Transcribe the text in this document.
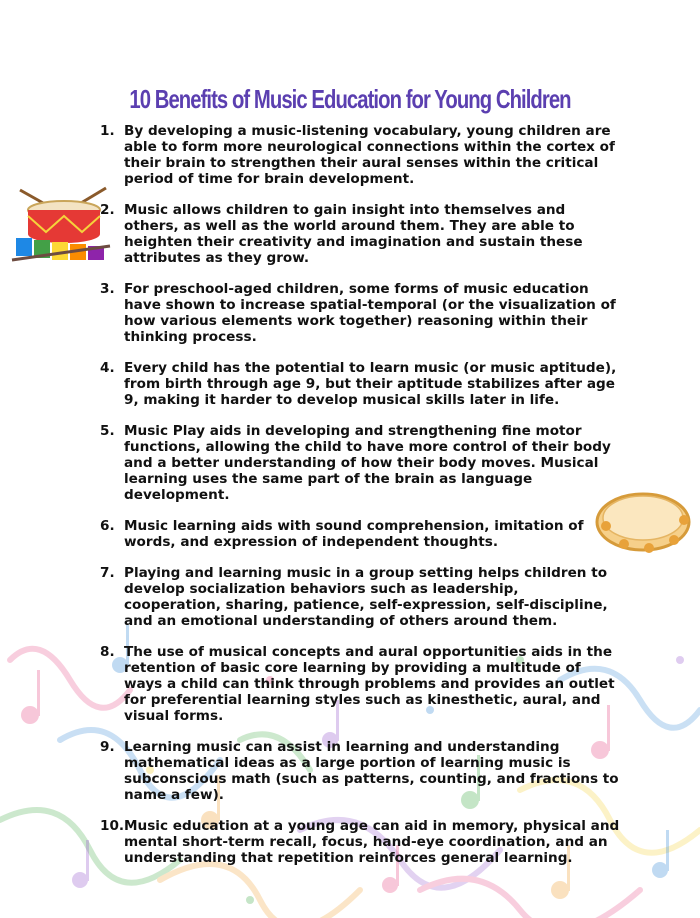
10 Benefits of Music Education for Young Children
1. By developing a music-listening vocabulary, young children are able to form more neurological connections within the cortex of their brain to strengthen their aural senses within the critical period of time for brain development.
2. Music allows children to gain insight into themselves and others, as well as the world around them. They are able to heighten their creativity and imagination and sustain these attributes as they grow.
3. For preschool-aged children, some forms of music education have shown to increase spatial-temporal (or the visualization of how various elements work together) reasoning within their thinking process.
4. Every child has the potential to learn music (or music aptitude), from birth through age 9, but their aptitude stabilizes after age 9, making it harder to develop musical skills later in life.
5. Music Play aids in developing and strengthening fine motor functions, allowing the child to have more control of their body and a better understanding of how their body moves. Musical learning uses the same part of the brain as language development.
6. Music learning aids with sound comprehension, imitation of words, and expression of independent thoughts.
7. Playing and learning music in a group setting helps children to develop socialization behaviors such as leadership, cooperation, sharing, patience, self-expression, self-discipline, and an emotional understanding of others around them.
8. The use of musical concepts and aural opportunities aids in the retention of basic core learning by providing a multitude of ways a child can think through problems and provides an outlet for preferential learning styles such as kinesthetic, aural, and visual forms.
9. Learning music can assist in learning and understanding mathematical ideas as a large portion of learning music is subconscious math (such as patterns, counting, and fractions to name a few).
10. Music education at a young age can aid in memory, physical and mental short-term recall, focus, hand-eye coordination, and an understanding that repetition reinforces general learning.
